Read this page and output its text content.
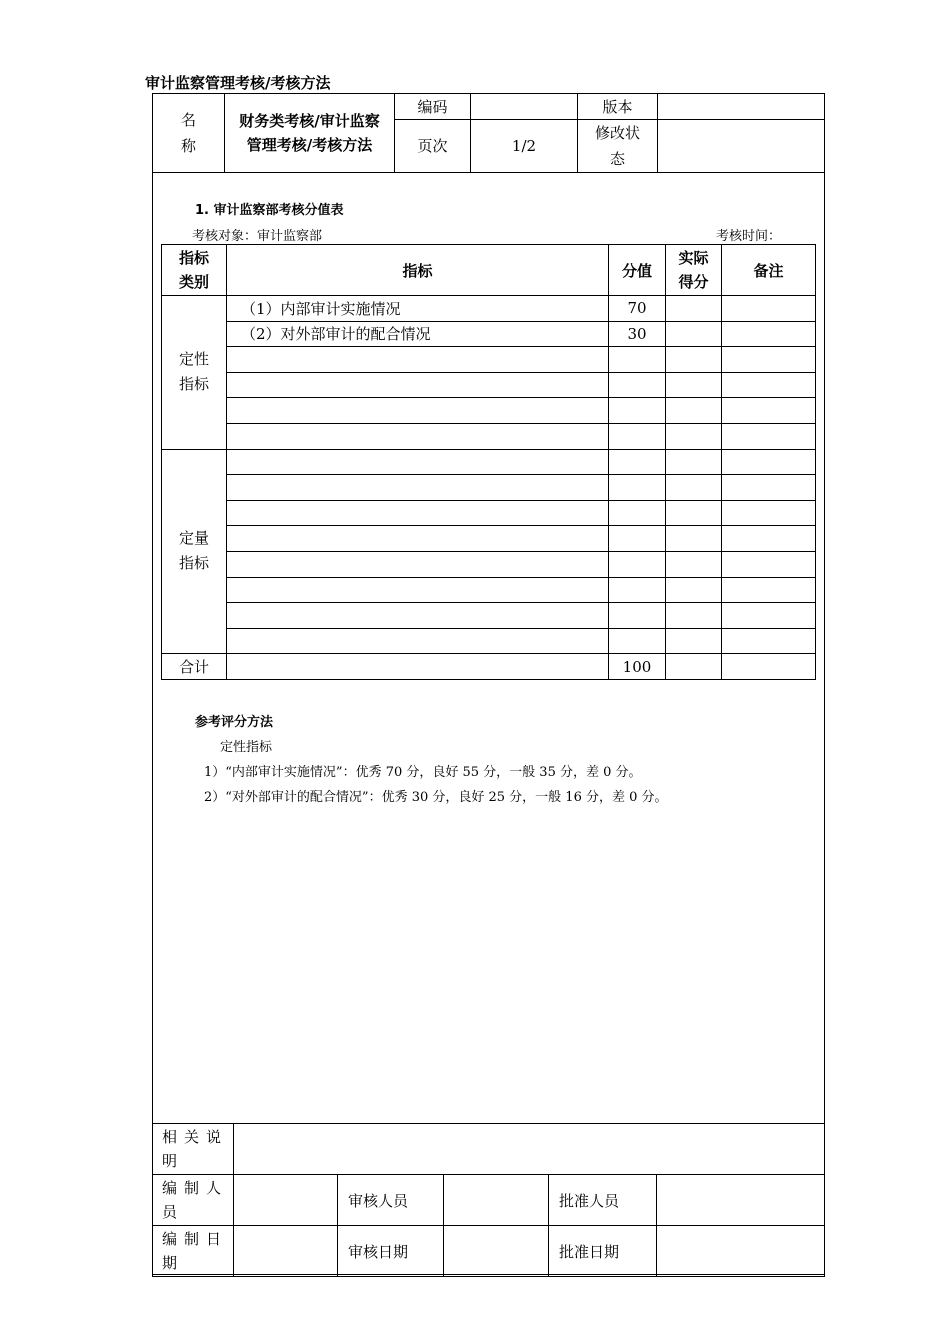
审计监察管理考核/考核方法
名称	财务类考核/审计监察管理考核/考核方法	编码		版本	
		页次	1/2	修改状态	

1. 审计监察部考核分值表
考核对象：审计监察部	考核时间：
指标类别	指标	分值	实际得分	备注

定性指标	（1）内部审计实施情况	70		
	（2）对外部审计的配合情况	30		

定量指标				

合计		100		
参考评分方法
定性指标
1）“内部审计实施情况”：优秀 70 分，良好 55 分，一般 35 分，差 0 分。
2）“对外部审计的配合情况”：优秀 30 分，良好 25 分，一般 16 分，差 0 分。
相关说明					
编制人员		审核人员		批准人员	
编制日期		审核日期		批准日期	
